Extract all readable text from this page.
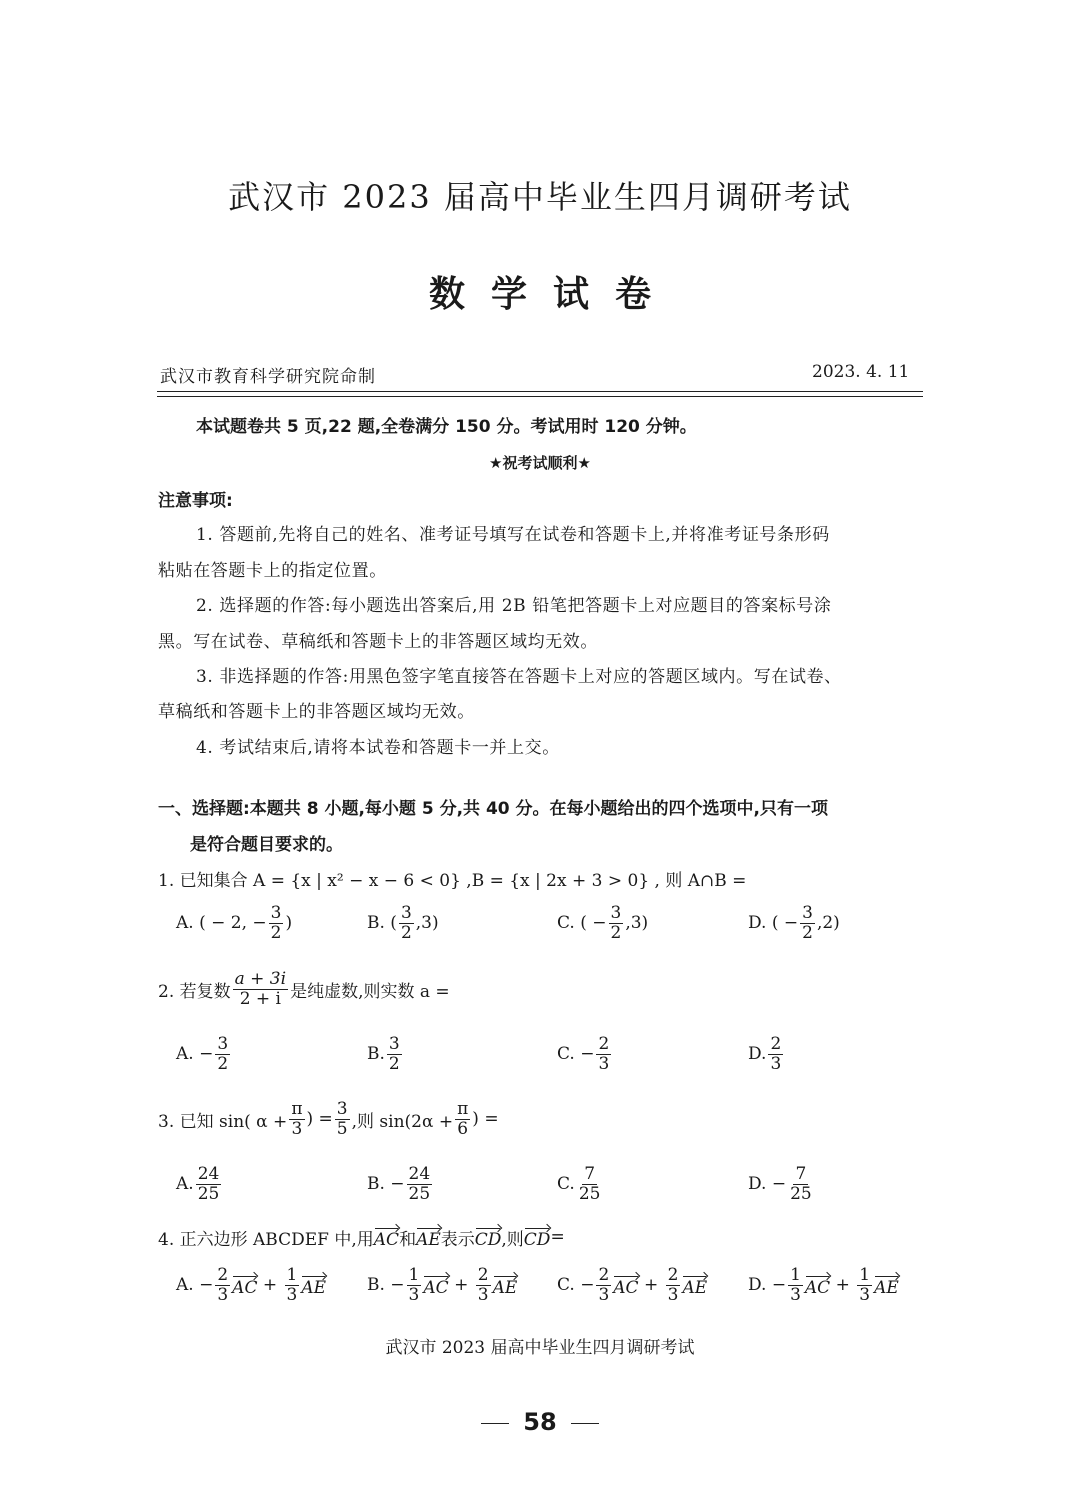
武汉市 2023 届高中毕业生四月调研考试
数学试卷
武汉市教育科学研究院命制	2023. 4. 11
本试题卷共 5 页,22 题,全卷满分 150 分。考试用时 120 分钟。
★祝考试顺利★
注意事项:
1. 答题前,先将自己的姓名、准考证号填写在试卷和答题卡上,并将准考证号条形码
粘贴在答题卡上的指定位置。
2. 选择题的作答:每小题选出答案后,用 2B 铅笔把答题卡上对应题目的答案标号涂
黑。写在试卷、草稿纸和答题卡上的非答题区域均无效。
3. 非选择题的作答:用黑色签字笔直接答在答题卡上对应的答题区域内。写在试卷、
草稿纸和答题卡上的非答题区域均无效。
4. 考试结束后,请将本试卷和答题卡一并上交。
一、选择题:本题共 8 小题,每小题 5 分,共 40 分。在每小题给出的四个选项中,只有一项
是符合题目要求的。
1. 已知集合 A = {x | x² − x − 6 < 0} ,B = {x | 2x + 3 > 0} , 则 A∩B =
A. ( − 2, − $\frac{3}{2}$ )	B. ( $\frac{3}{2} ,3$)	C. ( − $\frac{3}{2} ,3$)	D. ( − $\frac{3}{2} ,2$)
2. 若复数 $\frac{a + 3i}{2 + i}$ 是纯虚数,则实数 a =
A. − $\frac{3}{2}$	B. $\frac{3}{2}$	C. − $\frac{2}{3}$	D. $\frac{2}{3}$
3. 已知 sin( $\alpha + \frac{\pi}{3}$ ) = $\frac{3}{5}$ ,则 $\sin(2\alpha + \frac{\pi}{6}$ ) =
A. $\frac{24}{25}$	B. − $\frac{24}{25}$	C. $\frac{7}{25}$	D. − $\frac{7}{25}$
4. 正六边形 ABCDEF 中,用 AC 和 AE 表示 CD ,则 CD =
A. − $\frac{2}{3}$ AC
+
$\frac{1}{3}$ AE B. − $\frac{1}{3}$ AC
+
$\frac{2}{3}$ AE C. − $\frac{2}{3}$ AC
+
$\frac{2}{3}$ AE D. − $\frac{1}{3}$ AC
+
$\frac{1}{3}$ AE
武汉市 2023 届高中毕业生四月调研考试
58
